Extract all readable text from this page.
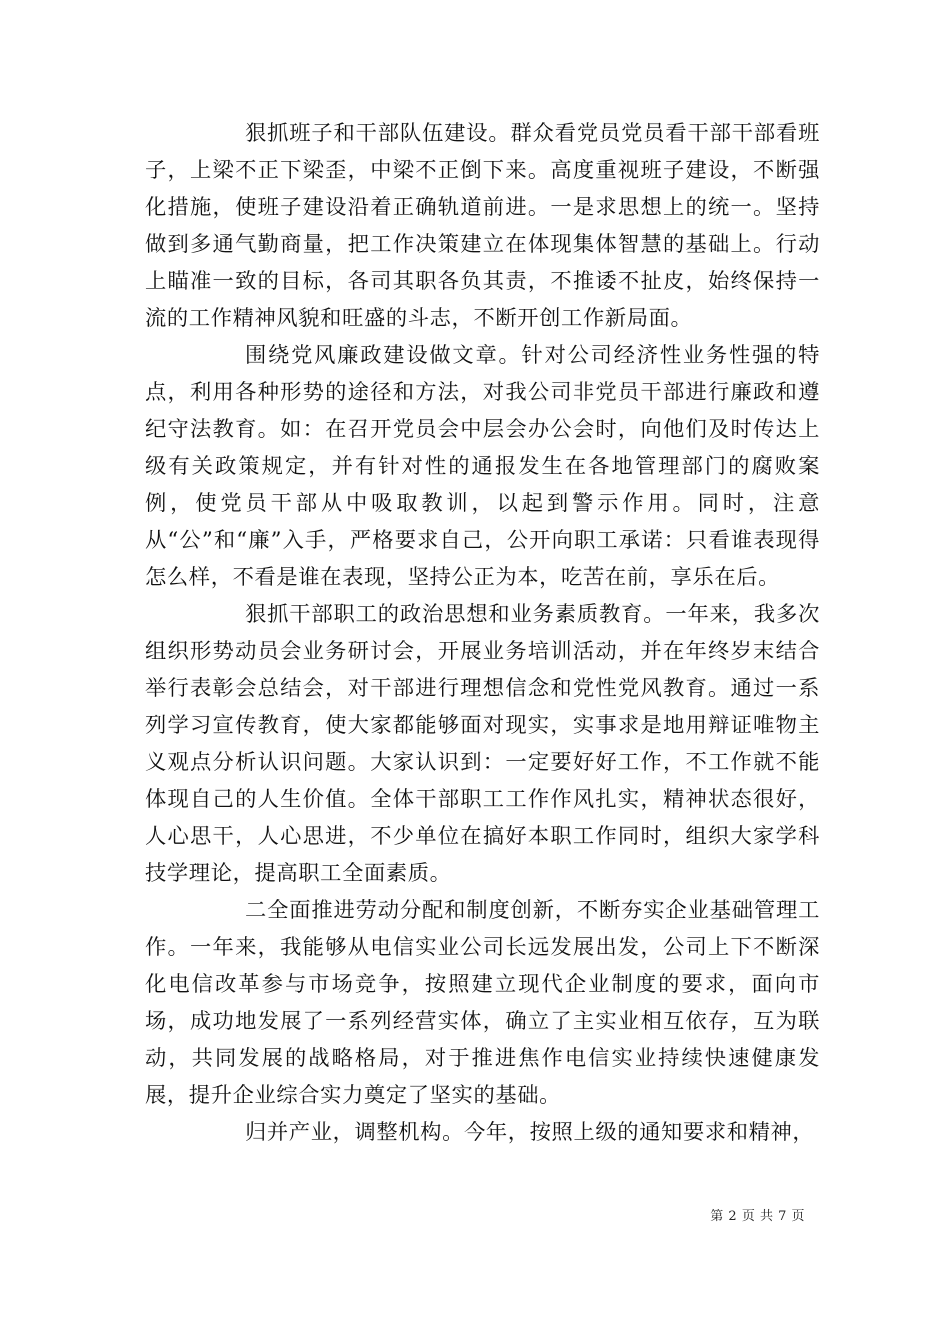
狠抓班子和干部队伍建设。群众看党员党员看干部干部看班子，上梁不正下梁歪，中梁不正倒下来。高度重视班子建设，不断强化措施，使班子建设沿着正确轨道前进。一是求思想上的统一。坚持做到多通气勤商量，把工作决策建立在体现集体智慧的基础上。行动上瞄准一致的目标，各司其职各负其责，不推诿不扯皮，始终保持一流的工作精神风貌和旺盛的斗志，不断开创工作新局面。

围绕党风廉政建设做文章。针对公司经济性业务性强的特点，利用各种形势的途径和方法，对我公司非党员干部进行廉政和遵纪守法教育。如：在召开党员会中层会办公会时，向他们及时传达上级有关政策规定，并有针对性的通报发生在各地管理部门的腐败案例，使党员干部从中吸取教训，以起到警示作用。同时，注意从“公”和“廉”入手，严格要求自己，公开向职工承诺：只看谁表现得怎么样，不看是谁在表现，坚持公正为本，吃苦在前，享乐在后。

狠抓干部职工的政治思想和业务素质教育。一年来，我多次组织形势动员会业务研讨会，开展业务培训活动，并在年终岁末结合举行表彰会总结会，对干部进行理想信念和党性党风教育。通过一系列学习宣传教育，使大家都能够面对现实，实事求是地用辩证唯物主义观点分析认识问题。大家认识到：一定要好好工作，不工作就不能体现自己的人生价值。全体干部职工工作作风扎实，精神状态很好，人心思干，人心思进，不少单位在搞好本职工作同时，组织大家学科技学理论，提高职工全面素质。

二全面推进劳动分配和制度创新，不断夯实企业基础管理工作。一年来，我能够从电信实业公司长远发展出发，公司上下不断深化电信改革参与市场竞争，按照建立现代企业制度的要求，面向市场，成功地发展了一系列经营实体，确立了主实业相互依存，互为联动，共同发展的战略格局，对于推进焦作电信实业持续快速健康发展，提升企业综合实力奠定了坚实的基础。

归并产业，调整机构。今年，按照上级的通知要求和精神，

第 2 页 共 7 页
